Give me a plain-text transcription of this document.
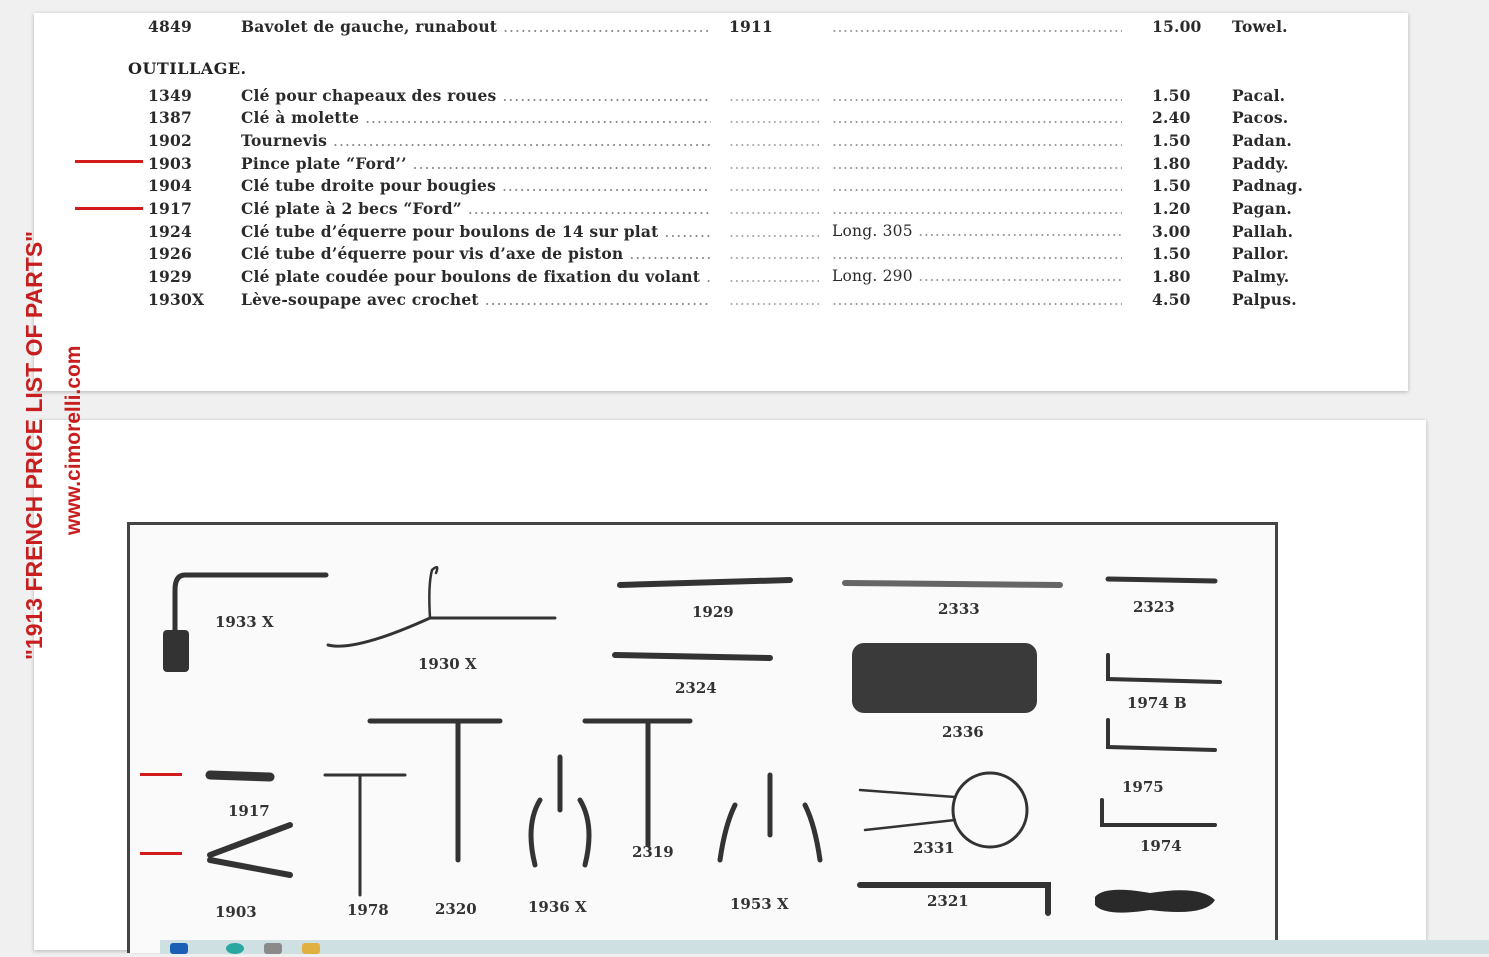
4849	Bavolet de gauche, runabout .....	1911 .....	15.00 Towel.
OUTILLAGE.
1349	Clé pour chapeaux des roues ..... ..... .....	1.50	Pacal.
1387	Clé à molette ..... ..... .....	2.40	Pacos.
1902	Tournevis ..... ..... .....	1.50	Padan.
1903	Pince plate “Ford’’ ..... ..... .....	1.80	Paddy.
1904	Clé tube droite pour bougies ..... ..... .....	1.50	Padnag.
1917	Clé plate à 2 becs “Ford” ..... ..... .....	1.20	Pagan.
1924	Clé tube d’équerre pour boulons de 14 sur plat ..... .....	Long. 305 .....	3.00	Pallah.
1926	Clé tube d’équerre pour vis d’axe de piston ..... ..... .....	1.50	Pallor.
1929	Clé plate coudée pour boulons de fixation du volant ..... .....	Long. 290 .....	1.80	Palmy.
1930X Lève-soupape avec crochet ..... ..... .....	4.50	Palpus.
1933 X
1930 X
1929	2333	2323
2324
1974 B
2336
1917
1975
2331	1974
2319
1903	1978	2320	1936 X	1953 X	2321
"1913 FRENCH PRICE LIST OF PARTS" www.cimorelli.com
